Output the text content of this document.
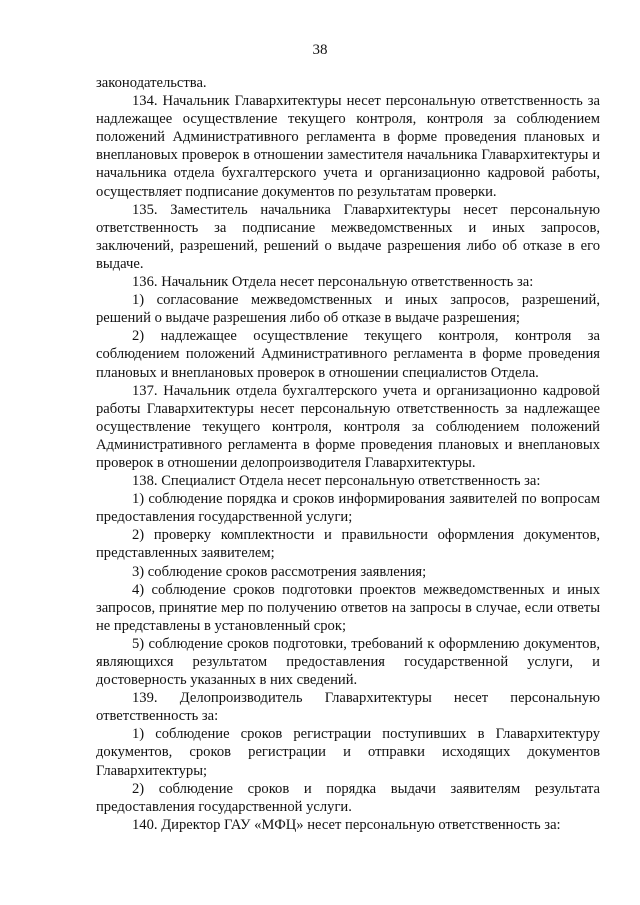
38

законодательства.

134. Начальник Главархитектуры несет персональную ответственность за надлежащее осуществление текущего контроля, контроля за соблюдением положений Административного регламента в форме проведения плановых и внеплановых проверок в отношении заместителя начальника Главархитектуры и начальника отдела бухгалтерского учета и организационно кадровой работы, осуществляет подписание документов по результатам проверки.

135. Заместитель начальника Главархитектуры несет персональную ответственность за подписание межведомственных и иных запросов, заключений, разрешений, решений о выдаче разрешения либо об отказе в его выдаче.

136. Начальник Отдела несет персональную ответственность за:

1) согласование межведомственных и иных запросов, разрешений, решений о выдаче разрешения либо об отказе в выдаче разрешения;

2) надлежащее осуществление текущего контроля, контроля за соблюдением положений Административного регламента в форме проведения плановых и внеплановых проверок в отношении специалистов Отдела.

137. Начальник отдела бухгалтерского учета и организационно кадровой работы Главархитектуры несет персональную ответственность за надлежащее осуществление текущего контроля, контроля за соблюдением положений Административного регламента в форме проведения плановых и внеплановых проверок в отношении делопроизводителя Главархитектуры.

138. Специалист Отдела несет персональную ответственность за:

1) соблюдение порядка и сроков информирования заявителей по вопросам предоставления государственной услуги;

2) проверку комплектности и правильности оформления документов, представленных заявителем;

3) соблюдение сроков рассмотрения заявления;

4) соблюдение сроков подготовки проектов межведомственных и иных запросов, принятие мер по получению ответов на запросы в случае, если ответы не представлены в установленный срок;

5) соблюдение сроков подготовки, требований к оформлению документов, являющихся результатом предоставления государственной услуги, и достоверность указанных в них сведений.

139. Делопроизводитель Главархитектуры несет персональную ответственность за:

1) соблюдение сроков регистрации поступивших в Главархитектуру документов, сроков регистрации и отправки исходящих документов Главархитектуры;

2) соблюдение сроков и порядка выдачи заявителям результата предоставления государственной услуги.

140. Директор ГАУ «МФЦ» несет персональную ответственность за:
